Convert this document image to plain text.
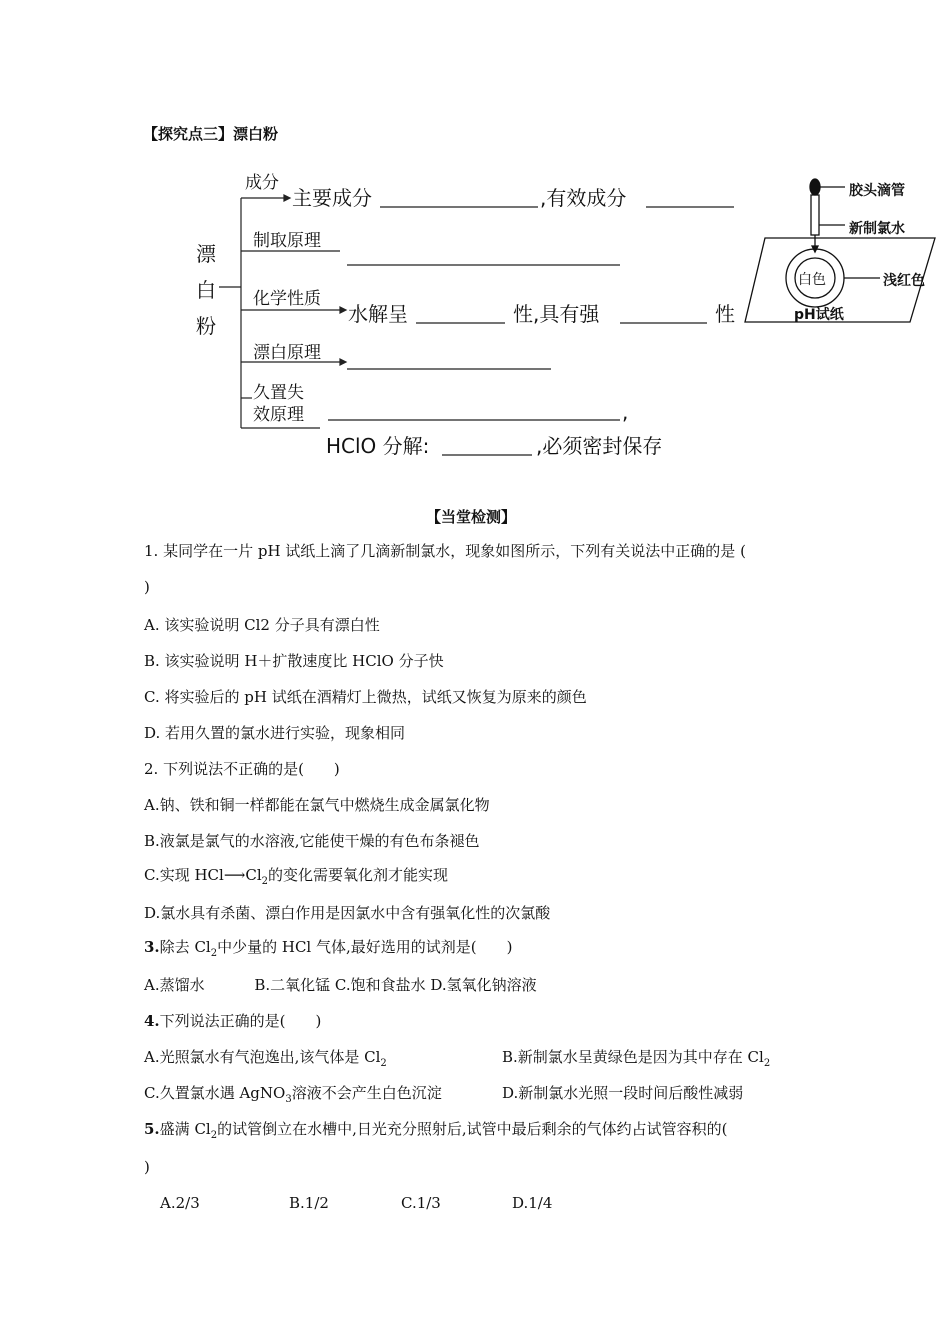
【探究点三】漂白粉
漂
白
粉
成分
主要成分	,有效成分
制取原理
化学性质
水解呈	性,具有强	性
漂白原理
久置失
效原理	,
HClO 分解:	,必须密封保存
胶头滴管
新制氯水
白色	浅红色
pH试纸
【当堂检测】
1. 某同学在一片 pH 试纸上滴了几滴新制氯水，现象如图所示，下列有关说法中正确的是 (
)
A. 该实验说明 Cl2 分子具有漂白性
B. 该实验说明 H＋扩散速度比 HClO 分子快
C. 将实验后的 pH 试纸在酒精灯上微热，试纸又恢复为原来的颜色
D. 若用久置的氯水进行实验，现象相同
2. 下列说法不正确的是(　　)
A.钠、铁和铜一样都能在氯气中燃烧生成金属氯化物
B.液氯是氯气的水溶液,它能使干燥的有色布条褪色
C.实现 $HCl⟶Cl_2$的变化需要氧化剂才能实现
D.氯水具有杀菌、漂白作用是因氯水中含有强氧化性的次氯酸
3.除去 $Cl_2$中少量的 HCl 气体,最好选用的试剂是(　　)
A.蒸馏水　　　 B.二氧化锰 C.饱和食盐水 D.氢氧化钠溶液
4.下列说法正确的是(　　)
A.光照氯水有气泡逸出,该气体是 $Cl_2$	B.新制氯水呈黄绿色是因为其中存在 $Cl_2$
C.久置氯水遇 AgNO$_3$溶液不会产生白色沉淀	D.新制氯水光照一段时间后酸性减弱
5.盛满 $Cl_2$的试管倒立在水槽中,日光充分照射后,试管中最后剩余的气体约占试管容积的(
)
A.2/3	B.1/2	C.1/3	D.1/4
